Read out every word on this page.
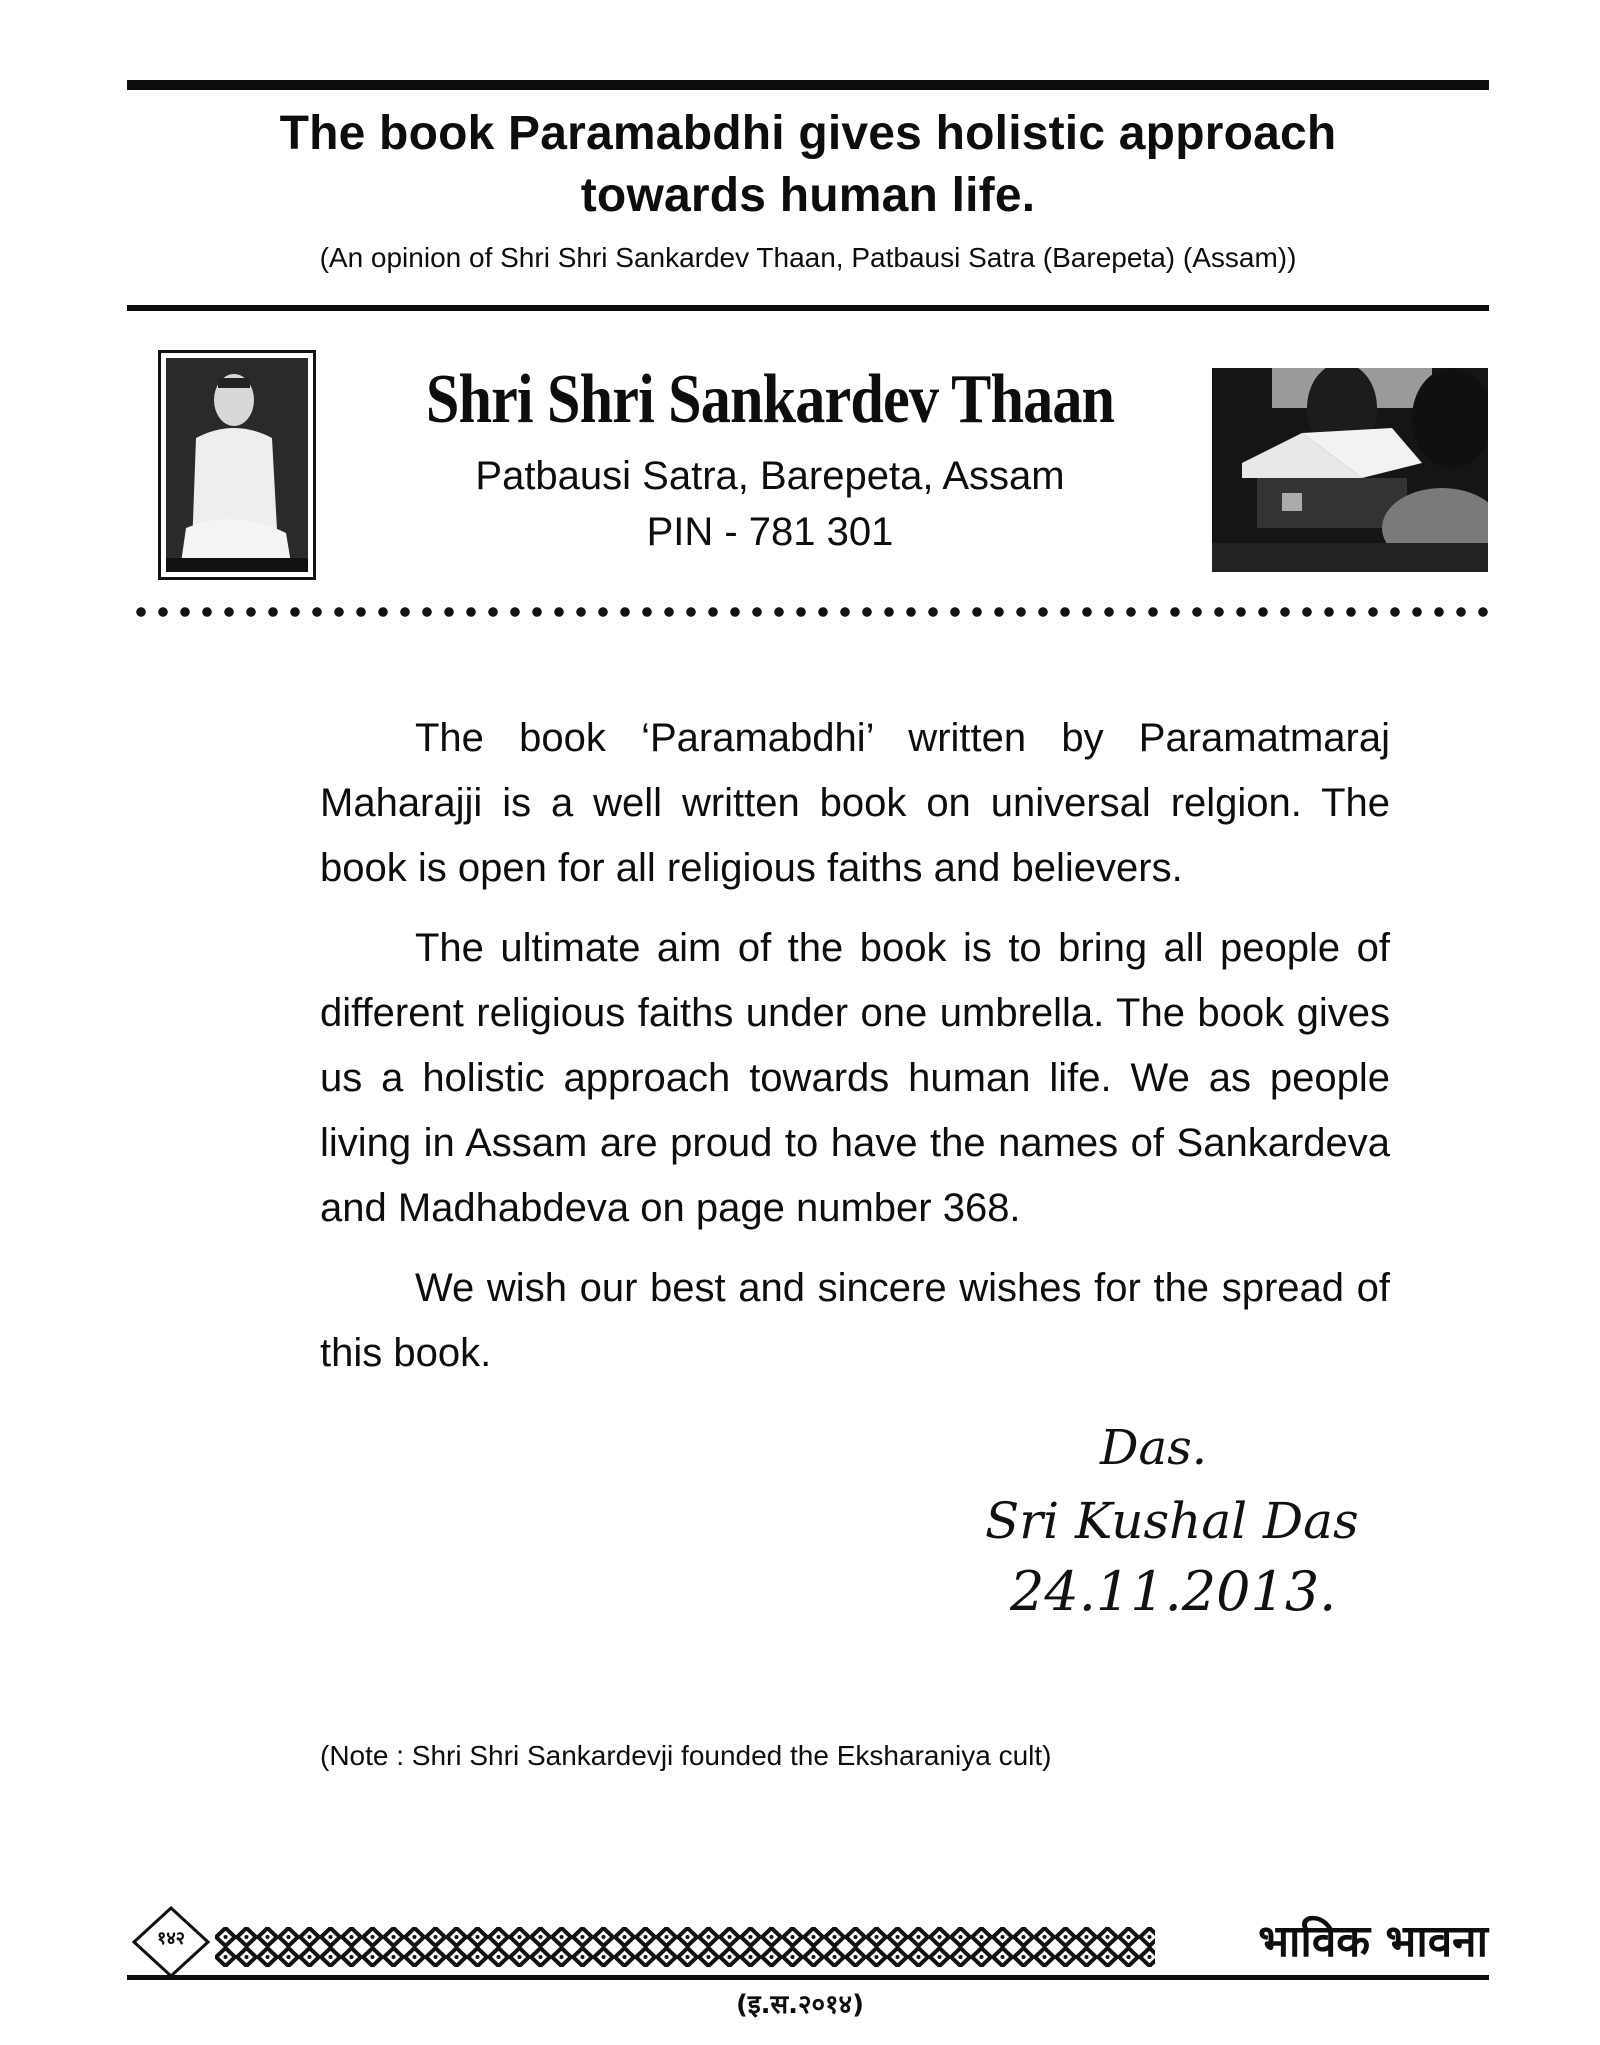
The book Paramabdhi gives holistic approach
towards human life.
(An opinion of Shri Shri Sankardev Thaan, Patbausi Satra (Barepeta) (Assam))
Shri Shri Sankardev Thaan
Patbausi Satra, Barepeta, Assam
PIN - 781 301

The book ‘Paramabdhi’ written by Paramatmaraj Maharajji is a well written book on universal relgion. The book is open for all religious faiths and believers.

The ultimate aim of the book is to bring all people of different religious faiths under one umbrella. The book gives us a holistic approach towards human life. We as people living in Assam are proud to have the names of Sankardeva and Madhabdeva on page number 368.

We wish our best and sincere wishes for the spread of this book.

Das.
Sri Kushal Das
24.11.2013.
(Note : Shri Shri Sankardevji founded the Eksharaniya cult)
१४२	भाविक भावना
(इ.स.२०१४)
